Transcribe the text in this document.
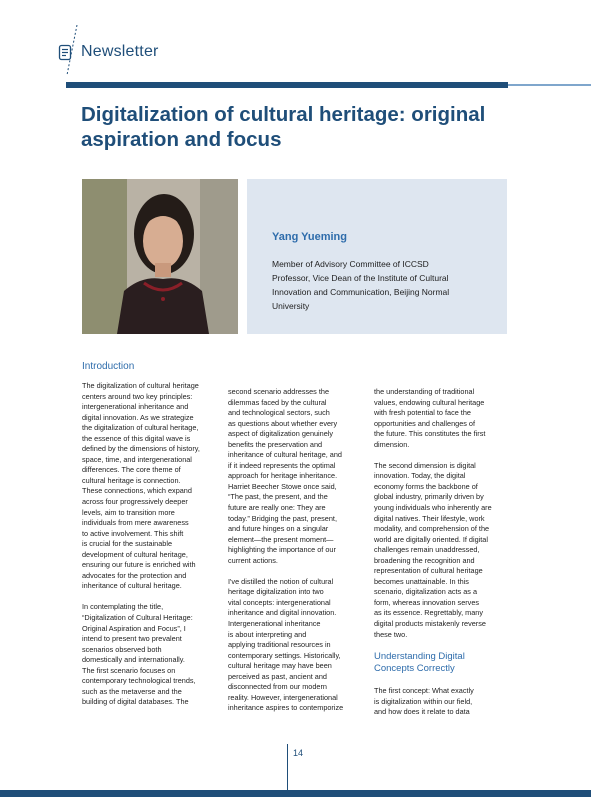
Newsletter
Digitalization of cultural heritage: original aspiration and focus
Yang Yueming

Member of Advisory Committee of ICCSD
Professor, Vice Dean of the Institute of Cultural
Innovation and Communication, Beijing Normal
University

Introduction

The digitalization of cultural heritage
centers around two key principles:
intergenerational inheritance and
digital innovation. As we strategize
the digitalization of cultural heritage,
the essence of this digital wave is
defined by the dimensions of history,
space, time, and intergenerational
differences. The core theme of
cultural heritage is connection.
These connections, which expand
across four progressively deeper
levels, aim to transition more
individuals from mere awareness
to active involvement. This shift
is crucial for the sustainable
development of cultural heritage,
ensuring our future is enriched with
advocates for the protection and
inheritance of cultural heritage.

In contemplating the title,
“Digitalization of Cultural Heritage:
Original Aspiration and Focus”, I
intend to present two prevalent
scenarios observed both
domestically and internationally.
The first scenario focuses on
contemporary technological trends,
such as the metaverse and the
building of digital databases. The

second scenario addresses the
dilemmas faced by the cultural
and technological sectors, such
as questions about whether every
aspect of digitalization genuinely
benefits the preservation and
inheritance of cultural heritage, and
if it indeed represents the optimal
approach for heritage inheritance.
Harriet Beecher Stowe once said,
“The past, the present, and the
future are really one: They are
today.” Bridging the past, present,
and future hinges on a singular
element—the present moment—
highlighting the importance of our
current actions.

I've distilled the notion of cultural
heritage digitalization into two
vital concepts: intergenerational
inheritance and digital innovation.
Intergenerational inheritance
is about interpreting and
applying traditional resources in
contemporary settings. Historically,
cultural heritage may have been
perceived as past, ancient and
disconnected from our modern
reality. However, intergenerational
inheritance aspires to contemporize

the understanding of traditional
values, endowing cultural heritage
with fresh potential to face the
opportunities and challenges of
the future. This constitutes the first
dimension.

The second dimension is digital
innovation. Today, the digital
economy forms the backbone of
global industry, primarily driven by
young individuals who inherently are
digital natives. Their lifestyle, work
modality, and comprehension of the
world are digitally oriented. If digital
challenges remain unaddressed,
broadening the recognition and
representation of cultural heritage
becomes unattainable. In this
scenario, digitalization acts as a
form, whereas innovation serves
as its essence. Regrettably, many
digital products mistakenly reverse
these two.

Understanding Digital
Concepts Correctly

The first concept: What exactly
is digitalization within our field,
and how does it relate to data

14
